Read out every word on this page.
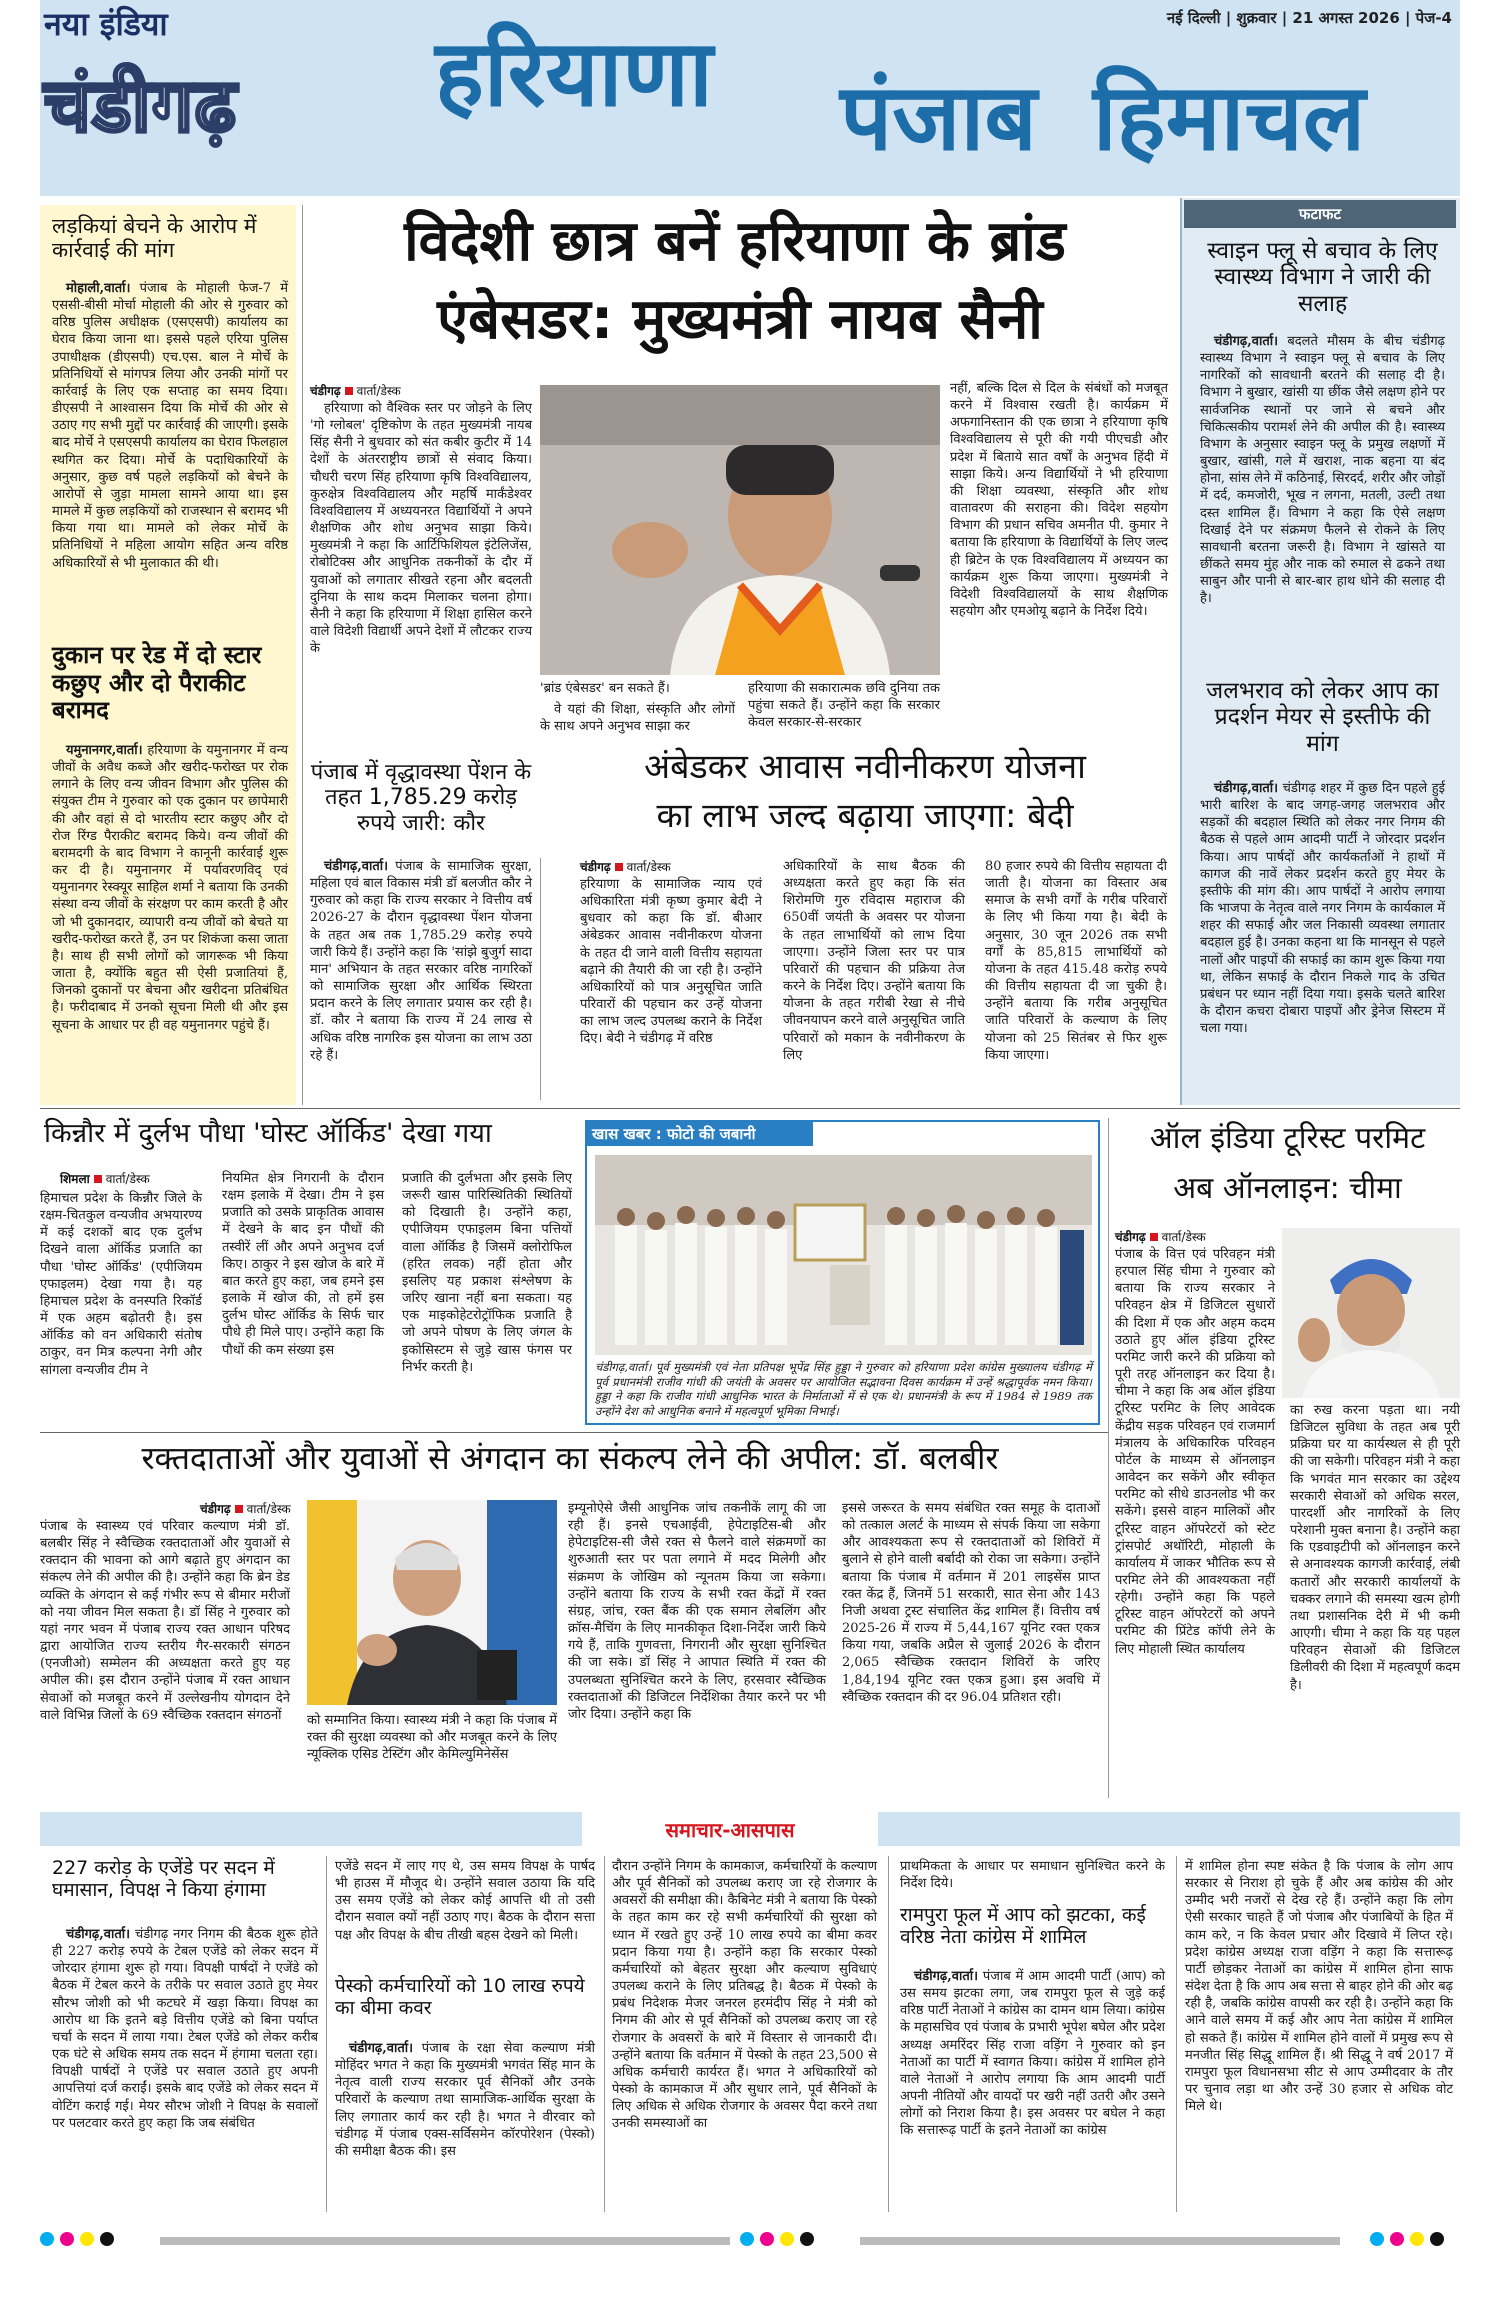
नया इंडिया
चंडीगढ़
नई दिल्ली | शुक्रवार | 21 अगस्त 2026 | पेज-4
हरियाणा पंजाब हिमाचल
लड़कियां बेचने के आरोप में कार्रवाई की मांग

मोहाली,वार्ता। पंजाब के मोहाली फेज-7 में एससी-बीसी मोर्चा मोहाली की ओर से गुरुवार को वरिष्ठ पुलिस अधीक्षक (एसएसपी) कार्यालय का घेराव किया जाना था। इससे पहले एरिया पुलिस उपाधीक्षक (डीएसपी) एच.एस. बाल ने मोर्चे के प्रतिनिधियों से मांगपत्र लिया और उनकी मांगों पर कार्रवाई के लिए एक सप्ताह का समय दिया। डीएसपी ने आश्वासन दिया कि मोर्चे की ओर से उठाए गए सभी मुद्दों पर कार्रवाई की जाएगी। इसके बाद मोर्चे ने एसएसपी कार्यालय का घेराव फिलहाल स्थगित कर दिया। मोर्चे के पदाधिकारियों के अनुसार, कुछ वर्ष पहले लड़कियों को बेचने के आरोपों से जुड़ा मामला सामने आया था। इस मामले में कुछ लड़कियों को राजस्थान से बरामद भी किया गया था। मामले को लेकर मोर्चे के प्रतिनिधियों ने महिला आयोग सहित अन्य वरिष्ठ अधिकारियों से भी मुलाकात की थी।

दुकान पर रेड में दो स्टार कछुए और दो पैराकीट बरामद

यमुनानगर,वार्ता। हरियाणा के यमुनानगर में वन्य जीवों के अवैध कब्जे और खरीद-फरोख्त पर रोक लगाने के लिए वन्य जीवन विभाग और पुलिस की संयुक्त टीम ने गुरुवार को एक दुकान पर छापेमारी की और वहां से दो भारतीय स्टार कछुए और दो रोज रिंग्ड पैराकीट बरामद किये। वन्य जीवों की बरामदगी के बाद विभाग ने कानूनी कार्रवाई शुरू कर दी है। यमुनानगर में पर्यावरणविद् एवं यमुनानगर रेस्क्यूर साहिल शर्मा ने बताया कि उनकी संस्था वन्य जीवों के संरक्षण पर काम करती है और जो भी दुकानदार, व्यापारी वन्य जीवों को बेचते या खरीद-फरोख्त करते हैं, उन पर शिकंजा कसा जाता है। साथ ही सभी लोगों को जागरूक भी किया जाता है, क्योंकि बहुत सी ऐसी प्रजातियां हैं, जिनको दुकानों पर बेचना और खरीदना प्रतिबंधित है। फरीदाबाद में उनको सूचना मिली थी और इस सूचना के आधार पर ही वह यमुनानगर पहुंचे हैं।

विदेशी छात्र बनें हरियाणा के ब्रांड
एंबेसडर: मुख्यमंत्री नायब सैनी
चंडीगढ़ वार्ता/डेस्क

हरियाणा को वैश्विक स्तर पर जोड़ने के लिए 'गो ग्लोबल' दृष्टिकोण के तहत मुख्यमंत्री नायब सिंह सैनी ने बुधवार को संत कबीर कुटीर में 14 देशों के अंतरराष्ट्रीय छात्रों से संवाद किया। चौधरी चरण सिंह हरियाणा कृषि विश्वविद्यालय, कुरुक्षेत्र विश्वविद्यालय और महर्षि मार्कंडेश्वर विश्वविद्यालय में अध्ययनरत विद्यार्थियों ने अपने शैक्षणिक और शोध अनुभव साझा किये। मुख्यमंत्री ने कहा कि आर्टिफिशियल इंटेलिजेंस, रोबोटिक्स और आधुनिक तकनीकों के दौर में युवाओं को लगातार सीखते रहना और बदलती दुनिया के साथ कदम मिलाकर चलना होगा। सैनी ने कहा कि हरियाणा में शिक्षा हासिल करने वाले विदेशी विद्यार्थी अपने देशों में लौटकर राज्य के

'ब्रांड एंबेसडर' बन सकते हैं।

वे यहां की शिक्षा, संस्कृति और लोगों के साथ अपने अनुभव साझा कर

हरियाणा की सकारात्मक छवि दुनिया तक पहुंचा सकते हैं। उन्होंने कहा कि सरकार केवल सरकार-से-सरकार

नहीं, बल्कि दिल से दिल के संबंधों को मजबूत करने में विश्वास रखती है। कार्यक्रम में अफगानिस्तान की एक छात्रा ने हरियाणा कृषि विश्वविद्यालय से पूरी की गयी पीएचडी और प्रदेश में बिताये सात वर्षों के अनुभव हिंदी में साझा किये। अन्य विद्यार्थियों ने भी हरियाणा की शिक्षा व्यवस्था, संस्कृति और शोध वातावरण की सराहना की। विदेश सहयोग विभाग की प्रधान सचिव अमनीत पी. कुमार ने बताया कि हरियाणा के विद्यार्थियों के लिए जल्द ही ब्रिटेन के एक विश्वविद्यालय में अध्ययन का कार्यक्रम शुरू किया जाएगा। मुख्यमंत्री ने विदेशी विश्वविद्यालयों के साथ शैक्षणिक सहयोग और एमओयू बढ़ाने के निर्देश दिये।

पंजाब में वृद्धावस्था पेंशन के तहत 1,785.29 करोड़ रुपये जारी: कौर

चंडीगढ़,वार्ता। पंजाब के सामाजिक सुरक्षा, महिला एवं बाल विकास मंत्री डॉ बलजीत कौर ने गुरुवार को कहा कि राज्य सरकार ने वित्तीय वर्ष 2026-27 के दौरान वृद्धावस्था पेंशन योजना के तहत अब तक 1,785.29 करोड़ रुपये जारी किये हैं। उन्होंने कहा कि 'सांझे बुजुर्ग सादा मान' अभियान के तहत सरकार वरिष्ठ नागरिकों को सामाजिक सुरक्षा और आर्थिक स्थिरता प्रदान करने के लिए लगातार प्रयास कर रही है। डॉ. कौर ने बताया कि राज्य में 24 लाख से अधिक वरिष्ठ नागरिक इस योजना का लाभ उठा रहे हैं।

अंबेडकर आवास नवीनीकरण योजना
का लाभ जल्द बढ़ाया जाएगा: बेदी
चंडीगढ़ वार्ता/डेस्क

हरियाणा के सामाजिक न्याय एवं अधिकारिता मंत्री कृष्ण कुमार बेदी ने बुधवार को कहा कि डॉ. बीआर अंबेडकर आवास नवीनीकरण योजना के तहत दी जाने वाली वित्तीय सहायता बढ़ाने की तैयारी की जा रही है। उन्होंने अधिकारियों को पात्र अनुसूचित जाति परिवारों की पहचान कर उन्हें योजना का लाभ जल्द उपलब्ध कराने के निर्देश दिए। बेदी ने चंडीगढ़ में वरिष्ठ

अधिकारियों के साथ बैठक की अध्यक्षता करते हुए कहा कि संत शिरोमणि गुरु रविदास महाराज की 650वीं जयंती के अवसर पर योजना के तहत लाभार्थियों को लाभ दिया जाएगा। उन्होंने जिला स्तर पर पात्र परिवारों की पहचान की प्रक्रिया तेज करने के निर्देश दिए। उन्होंने बताया कि योजना के तहत गरीबी रेखा से नीचे जीवनयापन करने वाले अनुसूचित जाति परिवारों को मकान के नवीनीकरण के लिए

80 हजार रुपये की वित्तीय सहायता दी जाती है। योजना का विस्तार अब समाज के सभी वर्गों के गरीब परिवारों के लिए भी किया गया है। बेदी के अनुसार, 30 जून 2026 तक सभी वर्गों के 85,815 लाभार्थियों को योजना के तहत 415.48 करोड़ रुपये की वित्तीय सहायता दी जा चुकी है। उन्होंने बताया कि गरीब अनुसूचित जाति परिवारों के कल्याण के लिए योजना को 25 सितंबर से फिर शुरू किया जाएगा।

फटाफट
स्वाइन फ्लू से बचाव के लिए स्वास्थ्य विभाग ने जारी की सलाह

चंडीगढ़,वार्ता। बदलते मौसम के बीच चंडीगढ़ स्वास्थ्य विभाग ने स्वाइन फ्लू से बचाव के लिए नागरिकों को सावधानी बरतने की सलाह दी है। विभाग ने बुखार, खांसी या छींक जैसे लक्षण होने पर सार्वजनिक स्थानों पर जाने से बचने और चिकित्सकीय परामर्श लेने की अपील की है। स्वास्थ्य विभाग के अनुसार स्वाइन फ्लू के प्रमुख लक्षणों में बुखार, खांसी, गले में खराश, नाक बहना या बंद होना, सांस लेने में कठिनाई, सिरदर्द, शरीर और जोड़ों में दर्द, कमजोरी, भूख न लगना, मतली, उल्टी तथा दस्त शामिल हैं। विभाग ने कहा कि ऐसे लक्षण दिखाई देने पर संक्रमण फैलने से रोकने के लिए सावधानी बरतना जरूरी है। विभाग ने खांसते या छींकते समय मुंह और नाक को रुमाल से ढकने तथा साबुन और पानी से बार-बार हाथ धोने की सलाह दी है।

जलभराव को लेकर आप का प्रदर्शन मेयर से इस्तीफे की मांग

चंडीगढ़,वार्ता। चंडीगढ़ शहर में कुछ दिन पहले हुई भारी बारिश के बाद जगह-जगह जलभराव और सड़कों की बदहाल स्थिति को लेकर नगर निगम की बैठक से पहले आम आदमी पार्टी ने जोरदार प्रदर्शन किया। आप पार्षदों और कार्यकर्ताओं ने हाथों में कागज की नावें लेकर प्रदर्शन करते हुए मेयर के इस्तीफे की मांग की। आप पार्षदों ने आरोप लगाया कि भाजपा के नेतृत्व वाले नगर निगम के कार्यकाल में शहर की सफाई और जल निकासी व्यवस्था लगातार बदहाल हुई है। उनका कहना था कि मानसून से पहले नालों और पाइपों की सफाई का काम शुरू किया गया था, लेकिन सफाई के दौरान निकले गाद के उचित प्रबंधन पर ध्यान नहीं दिया गया। इसके चलते बारिश के दौरान कचरा दोबारा पाइपों और ड्रेनेज सिस्टम में चला गया।

किन्नौर में दुर्लभ पौधा 'घोस्ट ऑर्किड' देखा गया
शिमला वार्ता/डेस्क

हिमाचल प्रदेश के किन्नौर जिले के रक्षम-चितकुल वन्यजीव अभयारण्य में कई दशकों बाद एक दुर्लभ दिखने वाला ऑर्किड प्रजाति का पौधा 'घोस्ट ऑर्किड' (एपीजियम एफाइलम) देखा गया है। यह हिमाचल प्रदेश के वनस्पति रिकॉर्ड में एक अहम बढ़ोतरी है। इस ऑर्किड को वन अधिकारी संतोष ठाकुर, वन मित्र कल्पना नेगी और सांगला वन्यजीव टीम ने

नियमित क्षेत्र निगरानी के दौरान रक्षम इलाके में देखा। टीम ने इस प्रजाति को उसके प्राकृतिक आवास में देखने के बाद इन पौधों की तस्वीरें लीं और अपने अनुभव दर्ज किए। ठाकुर ने इस खोज के बारे में बात करते हुए कहा, जब हमने इस इलाके में खोज की, तो हमें इस दुर्लभ घोस्ट ऑर्किड के सिर्फ चार पौधे ही मिले पाए। उन्होंने कहा कि पौधों की कम संख्या इस

प्रजाति की दुर्लभता और इसके लिए जरूरी खास पारिस्थितिकी स्थितियों को दिखाती है। उन्होंने कहा, एपीजियम एफाइलम बिना पत्तियों वाला ऑर्किड है जिसमें क्लोरोफिल (हरित लवक) नहीं होता और इसलिए यह प्रकाश संश्लेषण के जरिए खाना नहीं बना सकता। यह एक माइकोहेटरोट्रॉफिक प्रजाति है जो अपने पोषण के लिए जंगल के इकोसिस्टम से जुड़े खास फंगस पर निर्भर करती है।

खास खबर : फोटो की जबानी

चंडीगढ़,वार्ता। पूर्व मुख्यमंत्री एवं नेता प्रतिपक्ष भूपेंद्र सिंह हुड्डा ने गुरुवार को हरियाणा प्रदेश कांग्रेस मुख्यालय चंडीगढ़ में पूर्व प्रधानमंत्री राजीव गांधी की जयंती के अवसर पर आयोजित सद्भावना दिवस कार्यक्रम में उन्हें श्रद्धापूर्वक नमन किया। हुड्डा ने कहा कि राजीव गांधी आधुनिक भारत के निर्माताओं में से एक थे। प्रधानमंत्री के रूप में 1984 से 1989 तक उन्होंने देश को आधुनिक बनाने में महत्वपूर्ण भूमिका निभाई।

ऑल इंडिया टूरिस्ट परमिट
अब ऑनलाइन: चीमा
चंडीगढ़ वार्ता/डेस्क

पंजाब के वित्त एवं परिवहन मंत्री हरपाल सिंह चीमा ने गुरुवार को बताया कि राज्य सरकार ने परिवहन क्षेत्र में डिजिटल सुधारों की दिशा में एक और अहम कदम उठाते हुए ऑल इंडिया टूरिस्ट परमिट जारी करने की प्रक्रिया को पूरी तरह ऑनलाइन कर दिया है। चीमा ने कहा कि अब ऑल इंडिया टूरिस्ट परमिट के लिए आवेदक केंद्रीय सड़क परिवहन एवं राजमार्ग मंत्रालय के अधिकारिक परिवहन पोर्टल के माध्यम से ऑनलाइन आवेदन कर सकेंगे और स्वीकृत परमिट को सीधे डाउनलोड भी कर सकेंगे। इससे वाहन मालिकों और टूरिस्ट वाहन ऑपरेटरों को स्टेट ट्रांसपोर्ट अथॉरिटी, मोहाली के कार्यालय में जाकर भौतिक रूप से परमिट लेने की आवश्यकता नहीं रहेगी। उन्होंने कहा कि पहले टूरिस्ट वाहन ऑपरेटरों को अपने परमिट की प्रिंटेड कॉपी लेने के लिए मोहाली स्थित कार्यालय

का रुख करना पड़ता था। नयी डिजिटल सुविधा के तहत अब पूरी प्रक्रिया घर या कार्यस्थल से ही पूरी की जा सकेगी। परिवहन मंत्री ने कहा कि भगवंत मान सरकार का उद्देश्य सरकारी सेवाओं को अधिक सरल, पारदर्शी और नागरिकों के लिए परेशानी मुक्त बनाना है। उन्होंने कहा कि एडवाइटीपी को ऑनलाइन करने से अनावश्यक कागजी कार्रवाई, लंबी कतारों और सरकारी कार्यालयों के चक्कर लगाने की समस्या खत्म होगी तथा प्रशासनिक देरी में भी कमी आएगी। चीमा ने कहा कि यह पहल परिवहन सेवाओं की डिजिटल डिलीवरी की दिशा में महत्वपूर्ण कदम है।

रक्तदाताओं और युवाओं से अंगदान का संकल्प लेने की अपील: डॉ. बलबीर
चंडीगढ़ वार्ता/डेस्क

पंजाब के स्वास्थ्य एवं परिवार कल्याण मंत्री डॉ. बलबीर सिंह ने स्वैच्छिक रक्तदाताओं और युवाओं से रक्तदान की भावना को आगे बढ़ाते हुए अंगदान का संकल्प लेने की अपील की है। उन्होंने कहा कि ब्रेन डेड व्यक्ति के अंगदान से कई गंभीर रूप से बीमार मरीजों को नया जीवन मिल सकता है। डॉ सिंह ने गुरुवार को यहां नगर भवन में पंजाब राज्य रक्त आधान परिषद द्वारा आयोजित राज्य स्तरीय गैर-सरकारी संगठन (एनजीओ) सम्मेलन की अध्यक्षता करते हुए यह अपील की। इस दौरान उन्होंने पंजाब में रक्त आधान सेवाओं को मजबूत करने में उल्लेखनीय योगदान देने वाले विभिन्न जिलों के 69 स्वैच्छिक रक्तदान संगठनों	को सम्मानित किया। स्वास्थ्य मंत्री ने कहा कि पंजाब में रक्त की सुरक्षा व्यवस्था को और मजबूत करने के लिए न्यूक्लिक एसिड टेस्टिंग और केमिल्युमिनेसेंस

इम्यूनोऐसे जैसी आधुनिक जांच तकनीकें लागू की जा रही हैं। इनसे एचआईवी, हेपेटाइटिस-बी और हेपेटाइटिस-सी जैसे रक्त से फैलने वाले संक्रमणों का शुरुआती स्तर पर पता लगाने में मदद मिलेगी और संक्रमण के जोखिम को न्यूनतम किया जा सकेगा। उन्होंने बताया कि राज्य के सभी रक्त केंद्रों में रक्त संग्रह, जांच, रक्त बैंक की एक समान लेबलिंग और क्रॉस-मैचिंग के लिए मानकीकृत दिशा-निर्देश जारी किये गये हैं, ताकि गुणवत्ता, निगरानी और सुरक्षा सुनिश्चित की जा सके। डॉ सिंह ने आपात स्थिति में रक्त की उपलब्धता सुनिश्चित करने के लिए, हरसवार स्वैच्छिक रक्तदाताओं की डिजिटल निर्देशिका तैयार करने पर भी जोर दिया। उन्होंने कहा कि

इससे जरूरत के समय संबंधित रक्त समूह के दाताओं को तत्काल अलर्ट के माध्यम से संपर्क किया जा सकेगा और आवश्यकता रूप से रक्तदाताओं को शिविरों में बुलाने से होने वाली बर्बादी को रोका जा सकेगा। उन्होंने बताया कि पंजाब में वर्तमान में 201 लाइसेंस प्राप्त रक्त केंद्र हैं, जिनमें 51 सरकारी, सात सेना और 143 निजी अथवा ट्रस्ट संचालित केंद्र शामिल हैं। वित्तीय वर्ष 2025-26 में राज्य में 5,44,167 यूनिट रक्त एकत्र किया गया, जबकि अप्रैल से जुलाई 2026 के दौरान 2,065 स्वैच्छिक रक्तदान शिविरों के जरिए 1,84,194 यूनिट रक्त एकत्र हुआ। इस अवधि में स्वैच्छिक रक्तदान की दर 96.04 प्रतिशत रही।

समाचार-आसपास
227 करोड़ के एजेंडे पर सदन में घमासान, विपक्ष ने किया हंगामा

चंडीगढ़,वार्ता। चंडीगढ़ नगर निगम की बैठक शुरू होते ही 227 करोड़ रुपये के टेबल एजेंडे को लेकर सदन में जोरदार हंगामा शुरू हो गया। विपक्षी पार्षदों ने एजेंडे को बैठक में टेबल करने के तरीके पर सवाल उठाते हुए मेयर सौरभ जोशी को भी कटघरे में खड़ा किया। विपक्ष का आरोप था कि इतने बड़े वित्तीय एजेंडे को बिना पर्याप्त चर्चा के सदन में लाया गया। टेबल एजेंडे को लेकर करीब एक घंटे से अधिक समय तक सदन में हंगामा चलता रहा। विपक्षी पार्षदों ने एजेंडे पर सवाल उठाते हुए अपनी आपत्तियां दर्ज कराईं। इसके बाद एजेंडे को लेकर सदन में वोटिंग कराई गई। मेयर सौरभ जोशी ने विपक्ष के सवालों पर पलटवार करते हुए कहा कि जब संबंधित

एजेंडे सदन में लाए गए थे, उस समय विपक्ष के पार्षद भी हाउस में मौजूद थे। उन्होंने सवाल उठाया कि यदि उस समय एजेंडे को लेकर कोई आपत्ति थी तो उसी दौरान सवाल क्यों नहीं उठाए गए। बैठक के दौरान सत्ता पक्ष और विपक्ष के बीच तीखी बहस देखने को मिली।

पेस्को कर्मचारियों को 10 लाख रुपये का बीमा कवर

चंडीगढ़,वार्ता। पंजाब के रक्षा सेवा कल्याण मंत्री मोहिंदर भगत ने कहा कि मुख्यमंत्री भगवंत सिंह मान के नेतृत्व वाली राज्य सरकार पूर्व सैनिकों और उनके परिवारों के कल्याण तथा सामाजिक-आर्थिक सुरक्षा के लिए लगातार कार्य कर रही है। भगत ने वीरवार को चंडीगढ़ में पंजाब एक्स-सर्विसमेन कॉरपोरेशन (पेस्को) की समीक्षा बैठक की। इस

दौरान उन्होंने निगम के कामकाज, कर्मचारियों के कल्याण और पूर्व सैनिकों को उपलब्ध कराए जा रहे रोजगार के अवसरों की समीक्षा की। कैबिनेट मंत्री ने बताया कि पेस्को के तहत काम कर रहे सभी कर्मचारियों की सुरक्षा को ध्यान में रखते हुए उन्हें 10 लाख रुपये का बीमा कवर प्रदान किया गया है। उन्होंने कहा कि सरकार पेस्को कर्मचारियों को बेहतर सुरक्षा और कल्याण सुविधाएं उपलब्ध कराने के लिए प्रतिबद्ध है। बैठक में पेस्को के प्रबंध निदेशक मेजर जनरल हरमंदीप सिंह ने मंत्री को निगम की ओर से पूर्व सैनिकों को उपलब्ध कराए जा रहे रोजगार के अवसरों के बारे में विस्तार से जानकारी दी। उन्होंने बताया कि वर्तमान में पेस्को के तहत 23,500 से अधिक कर्मचारी कार्यरत हैं। भगत ने अधिकारियों को पेस्को के कामकाज में और सुधार लाने, पूर्व सैनिकों के लिए अधिक से अधिक रोजगार के अवसर पैदा करने तथा उनकी समस्याओं का

प्राथमिकता के आधार पर समाधान सुनिश्चित करने के निर्देश दिये।

रामपुरा फूल में आप को झटका, कई वरिष्ठ नेता कांग्रेस में शामिल

चंडीगढ़,वार्ता। पंजाब में आम आदमी पार्टी (आप) को उस समय झटका लगा, जब रामपुरा फूल से जुड़े कई वरिष्ठ पार्टी नेताओं ने कांग्रेस का दामन थाम लिया। कांग्रेस के महासचिव एवं पंजाब के प्रभारी भूपेश बघेल और प्रदेश अध्यक्ष अमरिंदर सिंह राजा वड़िंग ने गुरुवार को इन नेताओं का पार्टी में स्वागत किया। कांग्रेस में शामिल होने वाले नेताओं ने आरोप लगाया कि आम आदमी पार्टी अपनी नीतियों और वायदों पर खरी नहीं उतरी और उसने लोगों को निराश किया है। इस अवसर पर बघेल ने कहा कि सत्तारूढ़ पार्टी के इतने नेताओं का कांग्रेस

में शामिल होना स्पष्ट संकेत है कि पंजाब के लोग आप सरकार से निराश हो चुके हैं और अब कांग्रेस की ओर उम्मीद भरी नजरों से देख रहे हैं। उन्होंने कहा कि लोग ऐसी सरकार चाहते हैं जो पंजाब और पंजाबियों के हित में काम करे, न कि केवल प्रचार और दिखावे में लिप्त रहे। प्रदेश कांग्रेस अध्यक्ष राजा वड़िंग ने कहा कि सत्तारूढ़ पार्टी छोड़कर नेताओं का कांग्रेस में शामिल होना साफ संदेश देता है कि आप अब सत्ता से बाहर होने की ओर बढ़ रही है, जबकि कांग्रेस वापसी कर रही है। उन्होंने कहा कि आने वाले समय में कई और आप नेता कांग्रेस में शामिल हो सकते हैं। कांग्रेस में शामिल होने वालों में प्रमुख रूप से मनजीत सिंह सिद्धू शामिल हैं। श्री सिद्धू ने वर्ष 2017 में रामपुरा फूल विधानसभा सीट से आप उम्मीदवार के तौर पर चुनाव लड़ा था और उन्हें 30 हजार से अधिक वोट मिले थे।
